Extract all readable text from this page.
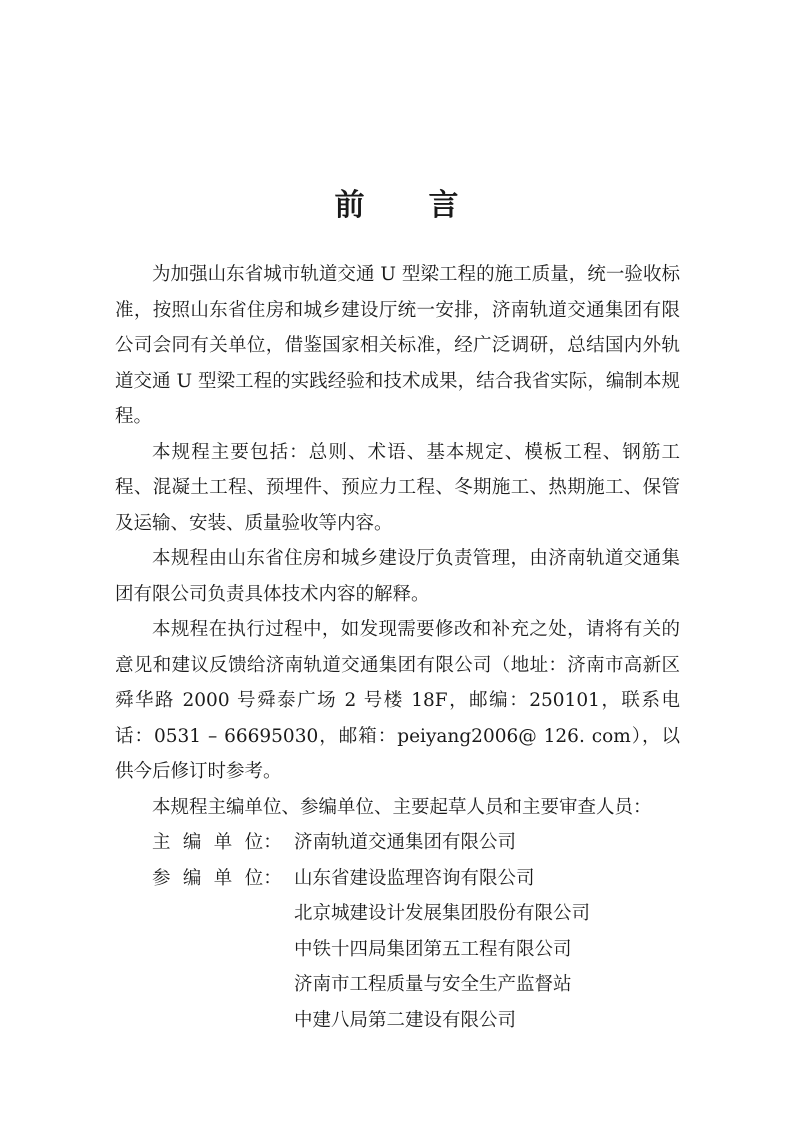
前 言

为加强山东省城市轨道交通 U 型梁工程的施工质量，统一验收标准，按照山东省住房和城乡建设厅统一安排，济南轨道交通集团有限公司会同有关单位，借鉴国家相关标准，经广泛调研，总结国内外轨道交通 U 型梁工程的实践经验和技术成果，结合我省实际，编制本规程。

本规程主要包括：总则、术语、基本规定、模板工程、钢筋工程、混凝土工程、预埋件、预应力工程、冬期施工、热期施工、保管及运输、安装、质量验收等内容。

本规程由山东省住房和城乡建设厅负责管理，由济南轨道交通集团有限公司负责具体技术内容的解释。

本规程在执行过程中，如发现需要修改和补充之处，请将有关的意见和建议反馈给济南轨道交通集团有限公司（地址：济南市高新区舜华路 2000 号舜泰广场 2 号楼 18F，邮编：250101，联系电话：0531 – 66695030，邮箱：peiyang2006@ 126. com），以供今后修订时参考。

本规程主编单位、参编单位、主要起草人员和主要审查人员：

主  编  单  位： 济南轨道交通集团有限公司
参  编  单  位： 山东省建设监理咨询有限公司
北京城建设计发展集团股份有限公司
中铁十四局集团第五工程有限公司
济南市工程质量与安全生产监督站
中建八局第二建设有限公司
